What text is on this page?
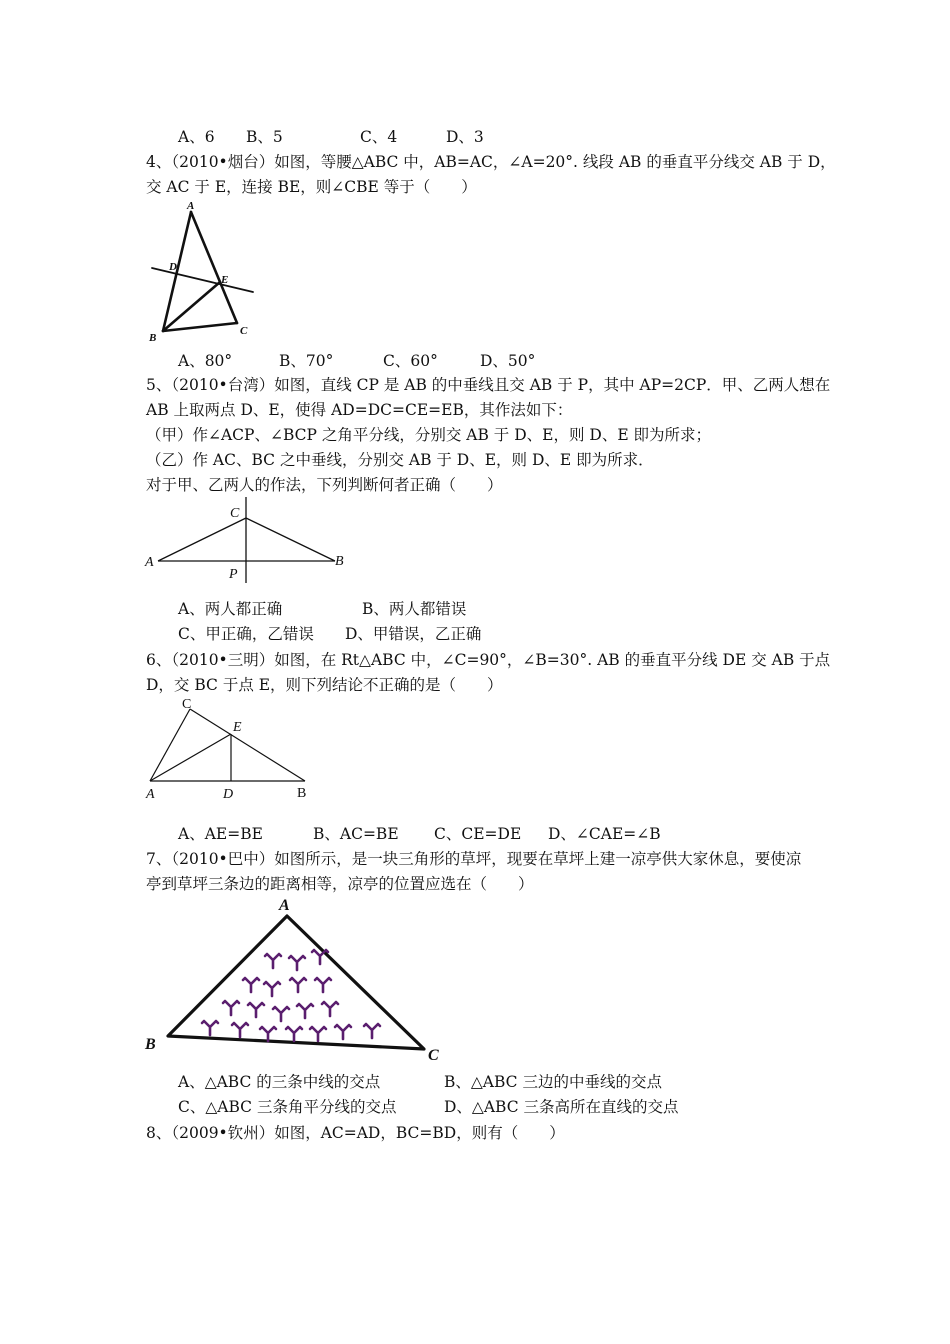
A、6 B、5	C、4	D、3
4、（2010•烟台）如图，等腰△ABC 中，AB=AC，∠A=20°. 线段 AB 的垂直平分线交 AB 于 D，
交 AC 于 E，连接 BE，则∠CBE 等于（　　）
A
D
E
B
C
A、80°	B、70°	C、60°	D、50°
5、（2010•台湾）如图，直线 CP 是 AB 的中垂线且交 AB 于 P，其中 AP=2CP．甲、乙两人想在
AB 上取两点 D、E，使得 AD=DC=CE=EB，其作法如下：
（甲）作∠ACP、∠BCP 之角平分线，分别交 AB 于 D、E，则 D、E 即为所求；
（乙）作 AC、BC 之中垂线，分别交 AB 于 D、E，则 D、E 即为所求．
对于甲、乙两人的作法，下列判断何者正确（　　）
C
A	B
P
A、两人都正确	B、两人都错误
C、甲正确，乙错误 D、甲错误，乙正确
6、（2010•三明）如图，在 Rt△ABC 中，∠C=90°，∠B=30°. AB 的垂直平分线 DE 交 AB 于点
D，交 BC 于点 E，则下列结论不正确的是（　　）
C
E
A	D	B
A、AE=BE	B、AC=BE C、CE=DE D、∠CAE=∠B
7、（2010•巴中）如图所示，是一块三角形的草坪，现要在草坪上建一凉亭供大家休息，要使凉
亭到草坪三条边的距离相等，凉亭的位置应选在（　　）
A
B
C
A、△ABC 的三条中线的交点	B、△ABC 三边的中垂线的交点
C、△ABC 三条角平分线的交点	D、△ABC 三条高所在直线的交点
8、（2009•钦州）如图，AC=AD，BC=BD，则有（　　）
